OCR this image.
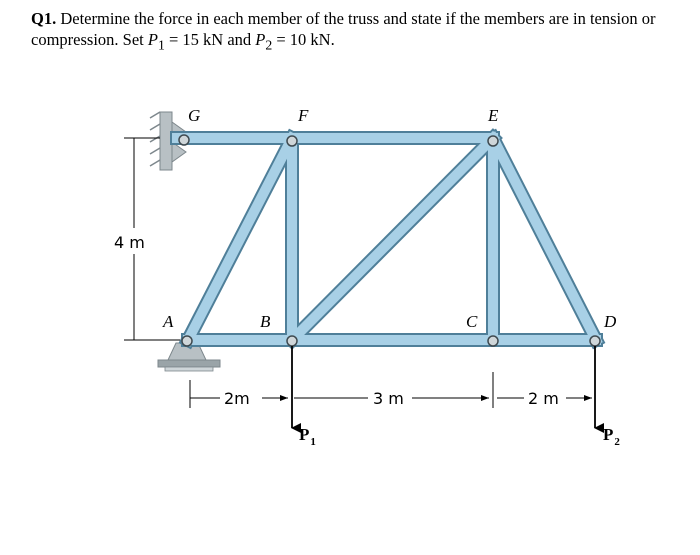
Q1. Determine the force in each member of the truss and state if the members are in tension or compression. Set $P_1 = 15$ kN and $P_2 = 10$ kN.
G	F	E
A	B	C	D
4 m
2m	3 m	2 m
$P_1$	$P_2$
